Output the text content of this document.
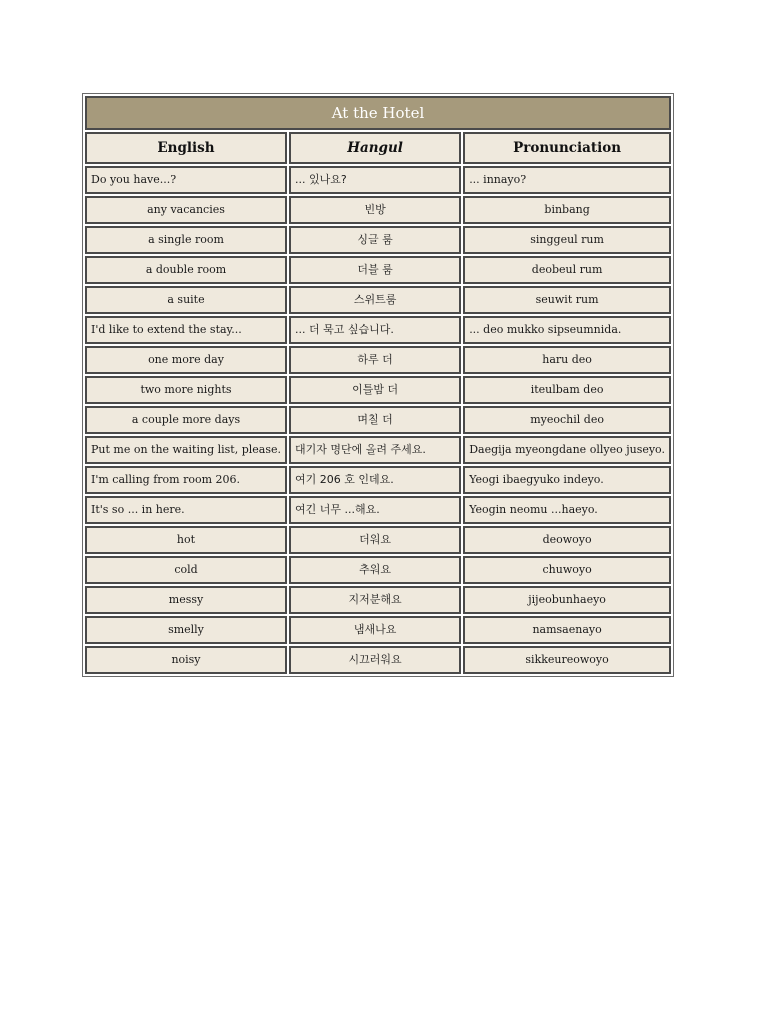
At the Hotel		
English	Hangul	Pronunciation
Do you have...?	... 있나요?	... innayo?
any vacancies	빈방	binbang
a single room	싱글 룸	singgeul rum
a double room	더블 룸	deobeul rum
a suite	스위트룸	seuwit rum
I'd like to extend the stay...	... 더 묵고 싶습니다.	... deo mukko sipseumnida.
one more day	하루 더	haru deo
two more nights	이틀밤 더	iteulbam deo
a couple more days	며칠 더	myeochil deo
Put me on the waiting list, please.	대기자 명단에 올려 주세요.	Daegija myeongdane ollyeo juseyo.
I'm calling from room 206.	여기 206 호 인데요.	Yeogi ibaegyuko indeyo.
It's so ... in here.	여긴 너무 ...해요.	Yeogin neomu ...haeyo.
hot	더워요	deowoyo
cold	추워요	chuwoyo
messy	지저분해요	jijeobunhaeyo
smelly	냄새나요	namsaenayo
noisy	시끄러워요	sikkeureowoyo
